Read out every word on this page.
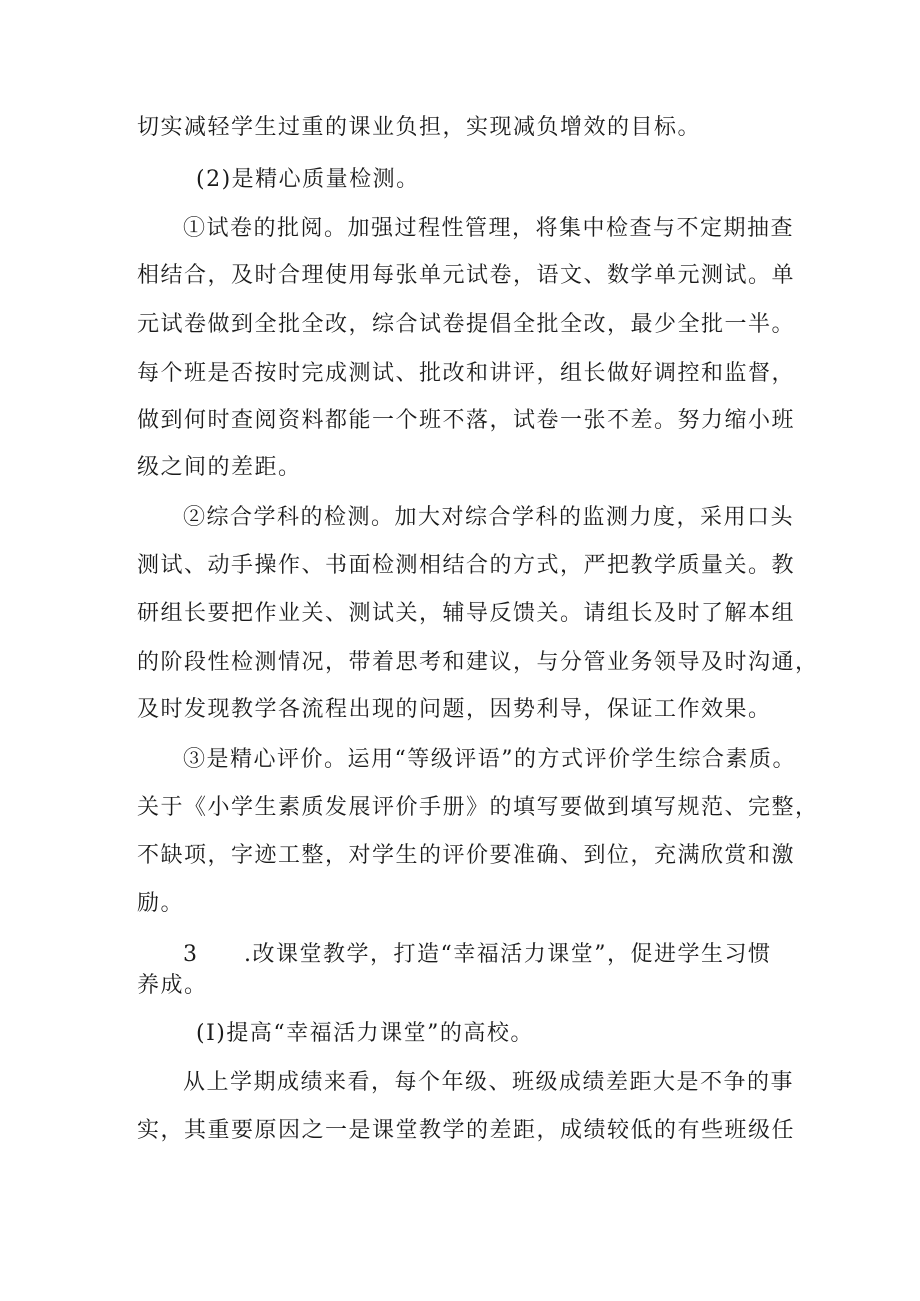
切实减轻学生过重的课业负担，实现减负增效的目标。
(2)是精心质量检测。
①试卷的批阅。加强过程性管理，将集中检查与不定期抽查
相结合，及时合理使用每张单元试卷，语文、数学单元测试。单
元试卷做到全批全改，综合试卷提倡全批全改，最少全批一半。
每个班是否按时完成测试、批改和讲评，组长做好调控和监督，
做到何时查阅资料都能一个班不落，试卷一张不差。努力缩小班
级之间的差距。
②综合学科的检测。加大对综合学科的监测力度，采用口头
测试、动手操作、书面检测相结合的方式，严把教学质量关。教
研组长要把作业关、测试关，辅导反馈关。请组长及时了解本组
的阶段性检测情况，带着思考和建议，与分管业务领导及时沟通，
及时发现教学各流程出现的问题，因势利导，保证工作效果。
③是精心评价。运用“等级评语”的方式评价学生综合素质。
关于《小学生素质发展评价手册》的填写要做到填写规范、完整，
不缺项，字迹工整，对学生的评价要准确、到位，充满欣赏和激
励。
3 .改课堂教学，打造“幸福活力课堂”，促进学生习惯
养成。
(I)提高“幸福活力课堂”的高校。
从上学期成绩来看，每个年级、班级成绩差距大是不争的事
实，其重要原因之一是课堂教学的差距，成绩较低的有些班级任
